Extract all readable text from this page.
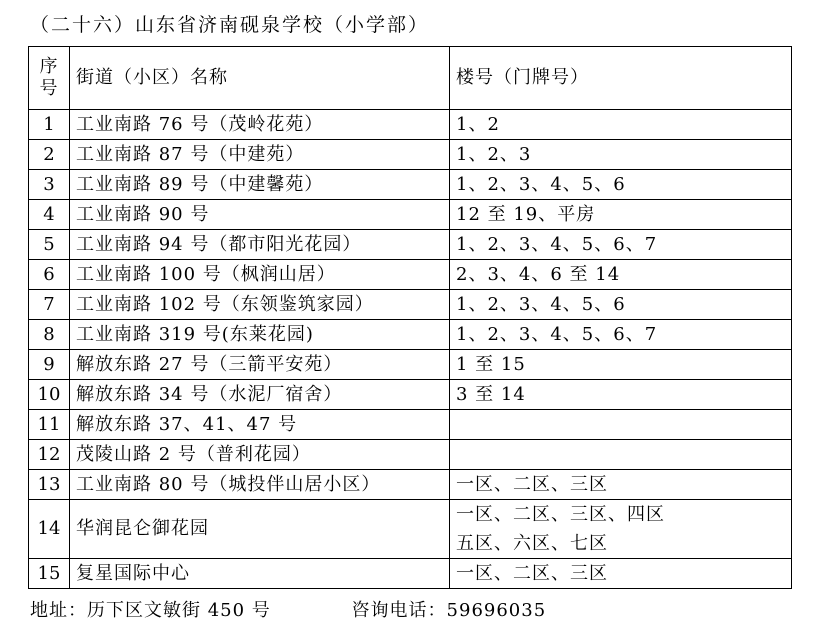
（二十六）山东省济南砚泉学校（小学部）
序
号	街道（小区）名称	楼号（门牌号）
1	工业南路 76 号（茂岭花苑）	1、2

2	工业南路 87 号（中建苑）	1、2、3

3	工业南路 89 号（中建馨苑）	1、2、3、4、5、6

4	工业南路 90 号	12 至 19、平房

5	工业南路 94 号（都市阳光花园）	1、2、3、4、5、6、7

6	工业南路 100 号（枫润山居）	2、3、4、6 至 14

7	工业南路 102 号（东领鉴筑家园）	1、2、3、4、5、6

8	工业南路 319 号(东莱花园)	1、2、3、4、5、6、7

9	解放东路 27 号（三箭平安苑）	1 至 15

10	解放东路 34 号（水泥厂宿舍）	3 至 14

11	解放东路 37、41、47 号	
12	茂陵山路 2 号（普利花园）	
13	工业南路 80 号（城投伴山居小区）	一区、二区、三区

14	华润昆仑御花园	一区、二区、三区、四区
五区、六区、七区

15	复星国际中心	一区、二区、三区
地址：历下区文敏街 450 号	咨询电话：59696035
